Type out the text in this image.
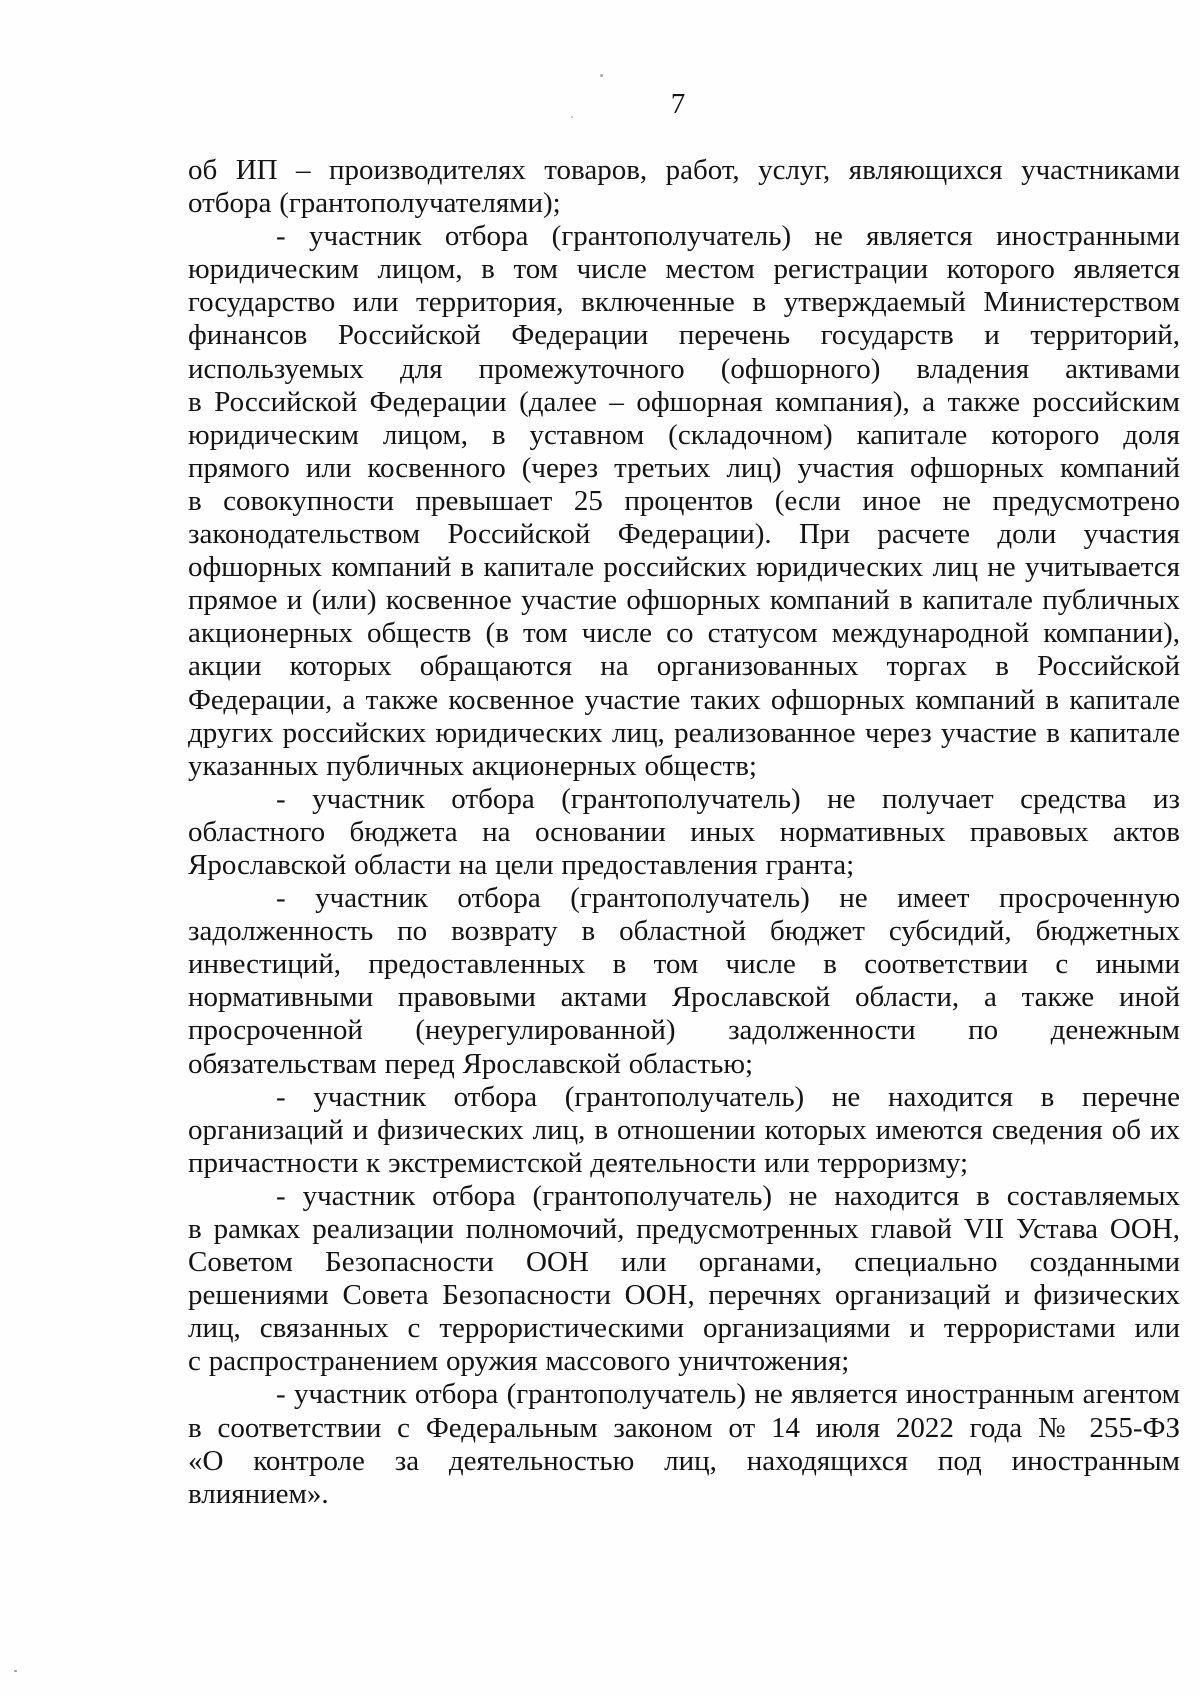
7
об ИП – производителях товаров, работ, услуг, являющихся участниками
отбора (грантополучателями);
- участник отбора (грантополучатель) не является иностранными
юридическим лицом, в том числе местом регистрации которого является
государство или территория, включенные в утверждаемый Министерством
финансов Российской Федерации перечень государств и территорий,
используемых для промежуточного (офшорного) владения активами
в Российской Федерации (далее – офшорная компания), а также российским
юридическим лицом, в уставном (складочном) капитале которого доля
прямого или косвенного (через третьих лиц) участия офшорных компаний
в совокупности превышает 25 процентов (если иное не предусмотрено
законодательством Российской Федерации). При расчете доли участия
офшорных компаний в капитале российских юридических лиц не учитывается
прямое и (или) косвенное участие офшорных компаний в капитале публичных
акционерных обществ (в том числе со статусом международной компании),
акции которых обращаются на организованных торгах в Российской
Федерации, а также косвенное участие таких офшорных компаний в капитале
других российских юридических лиц, реализованное через участие в капитале
указанных публичных акционерных обществ;
- участник отбора (грантополучатель) не получает средства из
областного бюджета на основании иных нормативных правовых актов
Ярославской области на цели предоставления гранта;
- участник отбора (грантополучатель) не имеет просроченную
задолженность по возврату в областной бюджет субсидий, бюджетных
инвестиций, предоставленных в том числе в соответствии с иными
нормативными правовыми актами Ярославской области, а также иной
просроченной (неурегулированной) задолженности по денежным
обязательствам перед Ярославской областью;
- участник отбора (грантополучатель) не находится в перечне
организаций и физических лиц, в отношении которых имеются сведения об их
причастности к экстремистской деятельности или терроризму;
- участник отбора (грантополучатель) не находится в составляемых
в рамках реализации полномочий, предусмотренных главой VII Устава ООН,
Советом Безопасности ООН или органами, специально созданными
решениями Совета Безопасности ООН, перечнях организаций и физических
лиц, связанных с террористическими организациями и террористами или
с распространением оружия массового уничтожения;
- участник отбора (грантополучатель) не является иностранным агентом
в соответствии с Федеральным законом от 14 июля 2022 года № 255-ФЗ
«О контроле за деятельностью лиц, находящихся под иностранным
влиянием».
